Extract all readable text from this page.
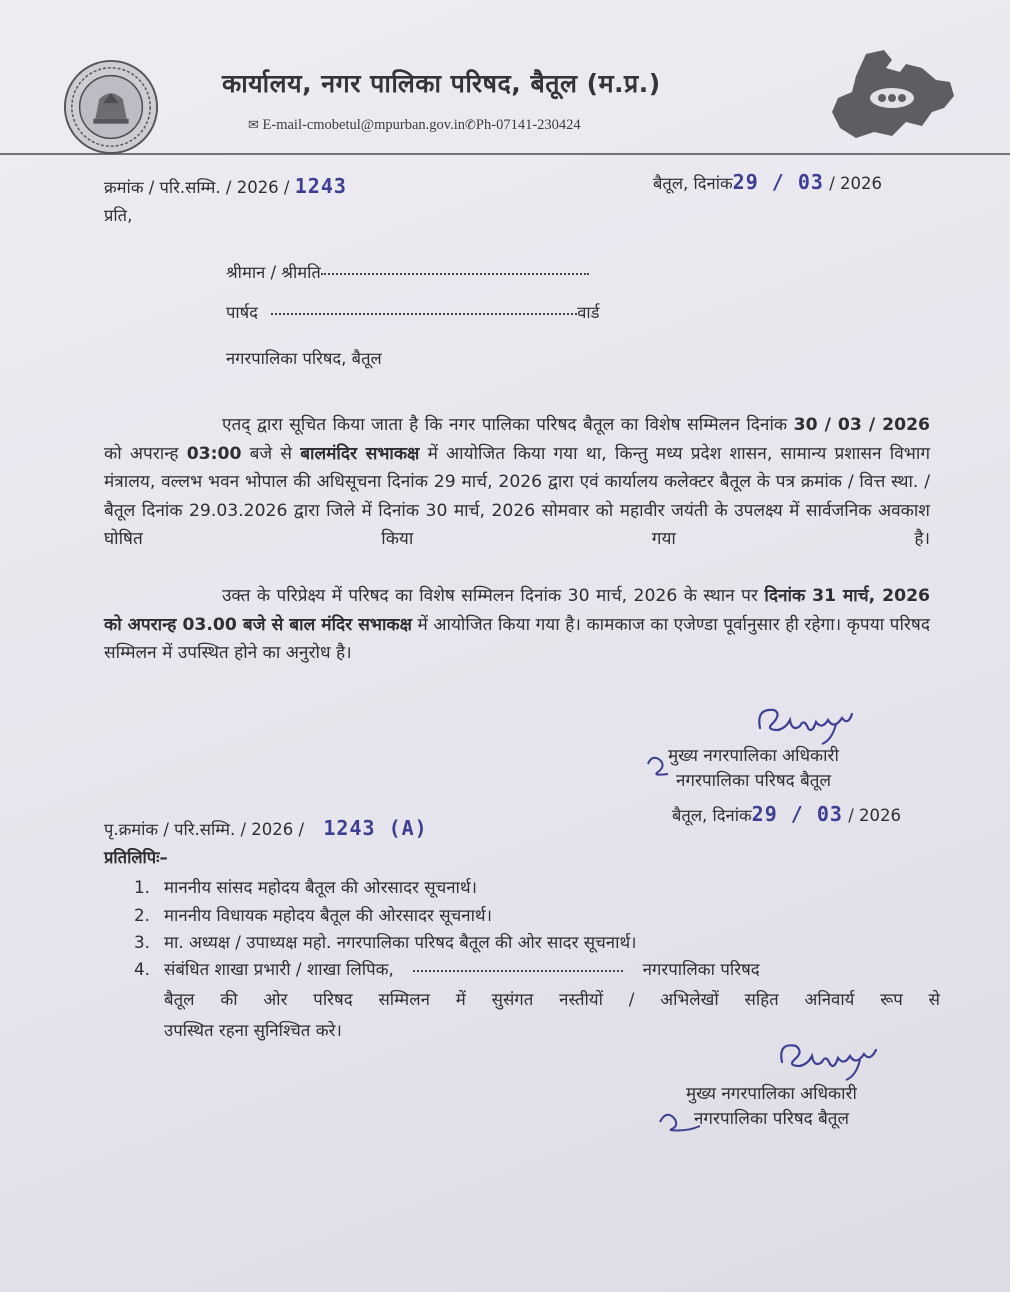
कार्यालय, नगर पालिका परिषद, बैतूल (म.प्र.)
✉ E-mail-cmobetul@mpurban.gov.in✆Ph-07141-230424
क्रमांक / परि.सम्मि. / 2026 / 1243	बैतूल, दिनांक29 / 03 / 2026
प्रति,
श्रीमान / श्रीमति
पार्षद	वार्ड
नगरपालिका परिषद, बैतूल
एतद् द्वारा सूचित किया जाता है कि नगर पालिका परिषद बैतूल का विशेष सम्मिलन दिनांक 30 / 03 / 2026 को अपरान्ह 03:00 बजे से बालमंदिर सभाकक्ष में आयोजित किया गया था, किन्तु मध्य प्रदेश शासन, सामान्य प्रशासन विभाग मंत्रालय, वल्लभ भवन भोपाल की अधिसूचना दिनांक 29 मार्च, 2026 द्वारा एवं कार्यालय कलेक्टर बैतूल के पत्र क्रमांक / वित्त स्था. / बैतूल दिनांक 29.03.2026 द्वारा जिले में दिनांक 30 मार्च, 2026 सोमवार को महावीर जयंती के उपलक्ष्य में सार्वजनिक अवकाश घोषित किया गया है।
उक्त के परिप्रेक्ष्य में परिषद का विशेष सम्मिलन दिनांक 30 मार्च, 2026 के स्थान पर दिनांक 31 मार्च, 2026 को अपरान्ह 03.00 बजे से बाल मंदिर सभाकक्ष में आयोजित किया गया है। कामकाज का एजेण्डा पूर्वानुसार ही रहेगा। कृपया परिषद सम्मिलन में उपस्थित होने का अनुरोध है।
मुख्य नगरपालिका अधिकारी
नगरपालिका परिषद बैतूल
बैतूल, दिनांक29 / 03 / 2026
पृ.क्रमांक / परि.सम्मि. / 2026 / 1243 (A)
प्रतिलिपिः–
1. माननीय सांसद महोदय बैतूल की ओरसादर सूचनार्थ।
2. माननीय विधायक महोदय बैतूल की ओरसादर सूचनार्थ।
3. मा. अध्यक्ष / उपाध्यक्ष महो. नगरपालिका परिषद बैतूल की ओर सादर सूचनार्थ।
4. संबंधित शाखा प्रभारी / शाखा लिपिक,	नगरपालिका परिषद
बैतूल की ओर परिषद सम्मिलन में सुसंगत नस्तीयों / अभिलेखों सहित अनिवार्य रूप से
उपस्थित रहना सुनिश्चित करे।
मुख्य नगरपालिका अधिकारी
नगरपालिका परिषद बैतूल
